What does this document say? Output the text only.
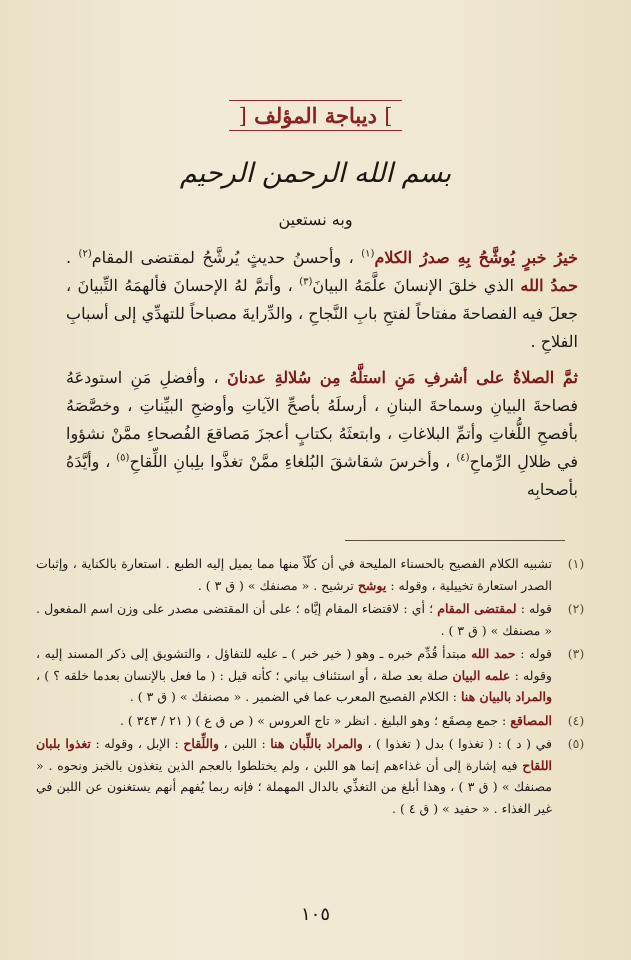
] ديباجة المؤلف [
بسم الله الرحمن الرحيم
وبه نستعين

خيرُ خبرٍ يُوشَّحُ بِهِ صدرُ الكلام$^{(١)}$ ، وأحسنُ حديثٍ يُرشَّحُ لمقتضى المقام$^{(٢)}$ . حمدُ الله الذي خلقَ الإنسانَ علَّمَهُ البيانَ$^{(٣)}$ ، وأتمَّ لهُ الإحسانَ فألهمَهُ التِّبيانَ ، جعلَ فيه الفصاحةَ مفتاحاً لفتحِ بابِ النَّجاحِ ، والدِّرايةَ مصباحاً للتهدِّي إلى أسبابِ الفلاحِ .

ثمَّ الصلاةُ على أشرفِ مَنِ استلَّهُ مِن سُلالةِ عدنانَ ، وأفضلِ مَنِ استودعَهُ فصاحةَ البيانِ وسماحةَ البنانِ ، أرسلَهُ بأصحِّ الآياتِ وأوضحِ البيِّناتِ ، وخصَّصَهُ بأفصحِ اللُّغاتِ وأتمِّ البلاغاتِ ، وابتعثَهُ بكتابٍ أعجزَ مَصاقعَ الفُصحاءِ ممَّنْ نشؤوا في ظلالِ الرِّماحِ$^{(٤)}$ ، وأخرسَ شقاشقَ البُلغاءِ ممَّنْ تغذَّوا بلِبانِ اللِّقاحِ$^{(٥)}$ ، وأيَّدَهُ بأصحابِه

(١)
تشبيه الكلام الفصيح بالحسناء المليحة في أن كلّاً منها مما يميل إليه الطبع . استعارة بالكناية ، وإثبات الصدر استعارة تخييلية ، وقوله : يوشح ترشيح . « مصنفك » ( ق ٣ ) .
(٢)
قوله : لمقتضى المقام ؛ أي : لاقتضاء المقام إيَّاه ؛ على أن المقتضى مصدر على وزن اسم المفعول . « مصنفك » ( ق ٣ ) .
(٣)
قوله : حمد الله مبتدأ قُدِّم خبره ـ وهو ( خير خبر ) ـ عليه للتفاؤل ، والتشويق إلى ذكر المسند إليه ، وقوله : علمه البيان صلة بعد صلة ، أو استئناف بياني ؛ كأنه قيل : ( ما فعل بالإنسان بعدما خلقه ؟ ) ، والمراد بالبيان هنا : الكلام الفصيح المعرب عما في الضمير . « مصنفك » ( ق ٣ ) .
(٤)
المصاقع : جمع مِصقَع ؛ وهو البليغ . انظر « تاج العروس » ( ص ق ع ) ( ٢١ / ٣٤٣ ) .
(٥)
في ( د ) : ( تغذوا ) بدل ( تغذوا ) ، والمراد باللِّبان هنا : اللبن ، واللِّقاح : الإبل ، وقوله : تغذوا بلبان اللقاح فيه إشارة إلى أن غذاءهم إنما هو اللبن ، ولم يختلطوا بالعجم الذين يتغذون بالخبز ونحوه . « مصنفك » ( ق ٣ ) ، وهذا أبلغ من التغذِّي بالدال المهملة ؛ فإنه ربما يُفهم أنهم يستغنون عن اللبن في غير الغذاء . « حفيد » ( ق ٤ ) .
١٠٥
